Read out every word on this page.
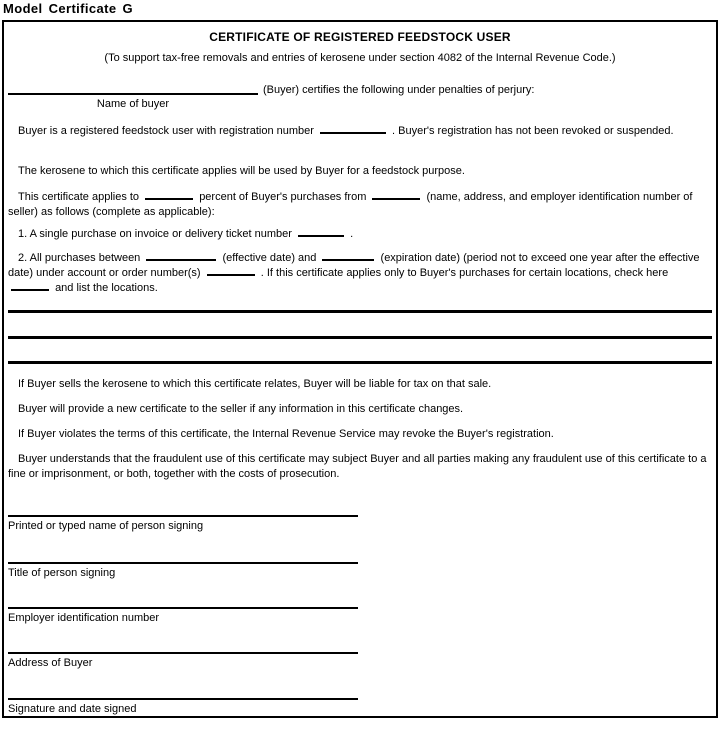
Model Certificate G
CERTIFICATE OF REGISTERED FEEDSTOCK USER
(To support tax-free removals and entries of kerosene under section 4082 of the Internal Revenue Code.)
Name of buyer
(Buyer) certifies the following under penalties of perjury:

Buyer is a registered feedstock user with registration number	. Buyer's registration has not been revoked or suspended.

The kerosene to which this certificate applies will be used by Buyer for a feedstock purpose.

This certificate applies to	percent of Buyer's purchases from	(name, address, and employer identification number of seller) as follows (complete as applicable):

1. A single purchase on invoice or delivery ticket number	.

2. All purchases between	(effective date) and	(expiration date) (period not to exceed one year after the effective date) under account or order number(s)	. If this certificate applies only to Buyer's purchases for certain locations, check here  and list the locations.

If Buyer sells the kerosene to which this certificate relates, Buyer will be liable for tax on that sale.

Buyer will provide a new certificate to the seller if any information in this certificate changes.

If Buyer violates the terms of this certificate, the Internal Revenue Service may revoke the Buyer's registration.

Buyer understands that the fraudulent use of this certificate may subject Buyer and all parties making any fraudulent use of this certificate to a fine or imprisonment, or both, together with the costs of prosecution.

Printed or typed name of person signing
Title of person signing
Employer identification number
Address of Buyer
Signature and date signed
